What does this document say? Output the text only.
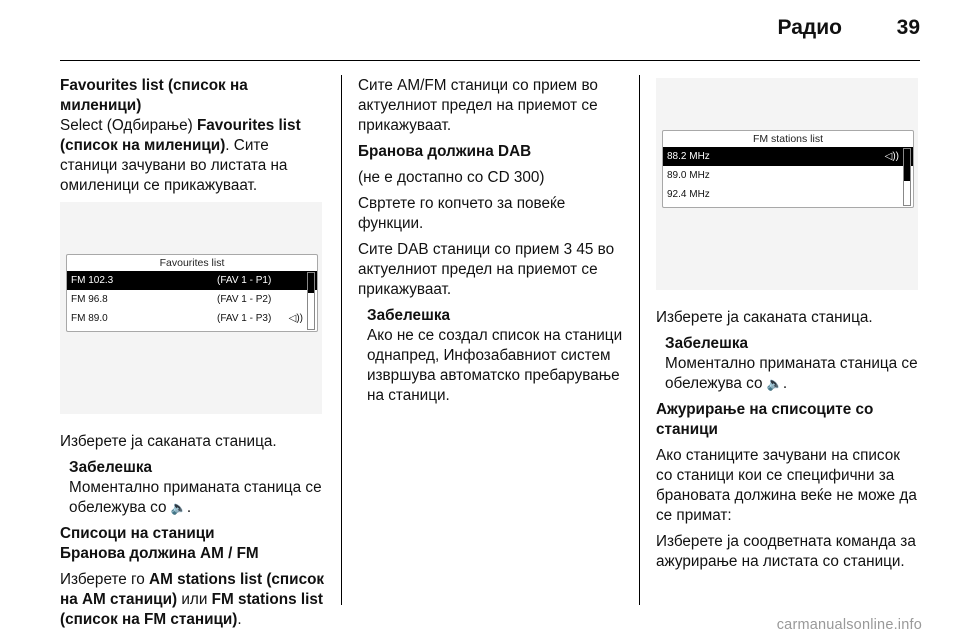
Радио	39

Favourites list (список на миленици)

Select (Одбирање) Favourites list (список на миленици). Сите станици зачувани во листата на омиленици се прикажуваат.

Favourites list
FM 102.3	(FAV 1 - P1)
FM 96.8	(FAV 1 - P2)
FM 89.0	(FAV 1 - P3) ◁))

Изберете ја саканата станица.

Забелешка
Моментално примaната станица се обележува со 🔈.

Списоци на станици

Бранова должина AM / FM

Изберете го AM stations list (список на AM станици) или FM stations list (список на FM станици).

Сите AM/FM станици со прием во актуелниот предел на приемот се прикажуваат.

Бранова должина DAB

(не е достапно со CD 300)

Свртете го копчето за повеќе функции.

Сите DAB станици со прием 3 45 во актуелниот предел на приемот се прикажуваат.

Забелешка
Ако не се создал список на станици однапред, Инфозабавниот систем извршува автоматско пребарување на станици.
FM stations list
88.2 MHz	◁))
89.0 MHz
92.4 MHz

Изберете ја саканата станица.

Забелешка
Моментално примaната станица се обележува со 🔈.

Ажурирање на списоците со станици

Ако станиците зачувани на список со станици кои се специфични за брановата должина веќе не може да се примат:

Изберете ја соодветната команда за ажурирање на листата со станици.

carmanualsonline.info
